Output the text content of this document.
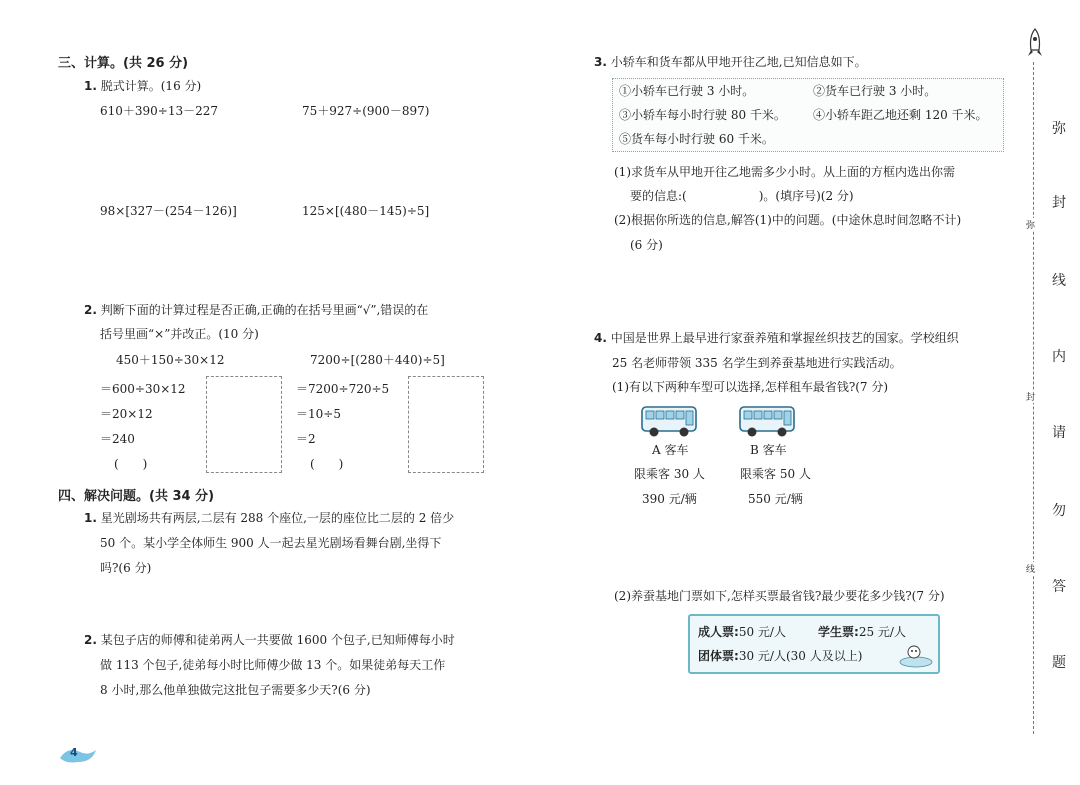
三、计算。(共 26 分)
1. 脱式计算。(16 分)
610＋390÷13－227	75＋927÷(900－897)
98×[327－(254－126)]	125×[(480－145)÷5]
2. 判断下面的计算过程是否正确,正确的在括号里画“√”,错误的在
括号里画“×”并改正。(10 分)
450＋150÷30×12
＝600÷30×12
＝20×12
＝240
(　　)
7200÷[(280＋440)÷5]
＝7200÷720÷5
＝10÷5
＝2
(　　)
四、解决问题。(共 34 分)
1. 星光剧场共有两层,二层有 288 个座位,一层的座位比二层的 2 倍少
50 个。某小学全体师生 900 人一起去星光剧场看舞台剧,坐得下
吗?(6 分)
2. 某包子店的师傅和徒弟两人一共要做 1600 个包子,已知师傅每小时
做 113 个包子,徒弟每小时比师傅少做 13 个。如果徒弟每天工作
8 小时,那么他单独做完这批包子需要多少天?(6 分)
4
3. 小轿车和货车都从甲地开往乙地,已知信息如下。
①小轿车已行驶 3 小时。	②货车已行驶 3 小时。
③小轿车每小时行驶 80 千米。 ④小轿车距乙地还剩 120 千米。
⑤货车每小时行驶 60 千米。
(1)求货车从甲地开往乙地需多少小时。从上面的方框内选出你需
要的信息:(　　　　　　)。(填序号)(2 分)
(2)根据你所选的信息,解答(1)中的问题。(中途休息时间忽略不计)
(6 分)
4. 中国是世界上最早进行家蚕养殖和掌握丝织技艺的国家。学校组织
25 名老师带领 335 名学生到养蚕基地进行实践活动。
(1)有以下两种车型可以选择,怎样租车最省钱?(7 分)
A 客车
限乘客 30 人
390 元/辆
B 客车
限乘客 50 人
550 元/辆
(2)养蚕基地门票如下,怎样买票最省钱?最少要花多少钱?(7 分)
成人票:50 元/人	学生票:25 元/人
团体票:30 元/人(30 人及以上)
弥
封
线
弥
封
线
内
请
勿
答
题
